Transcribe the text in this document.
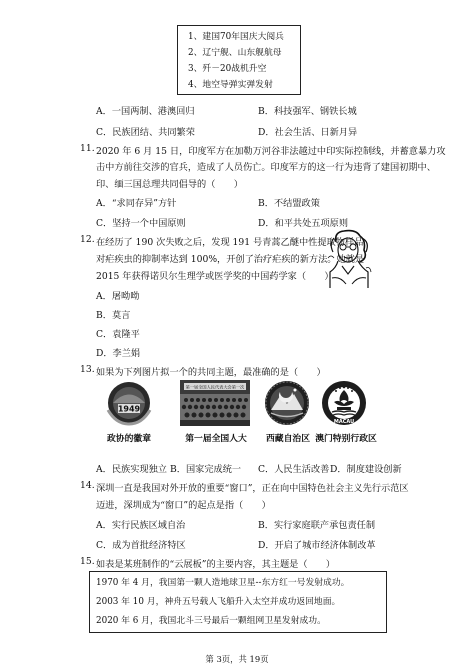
1、建国70年国庆大阅兵
2、辽宁舰、山东舰航母
3、歼－20战机升空
4、地空导弹实弹发射
A．一国两制、港澳回归	B．科技强军、钢铁长城
C．民族团结、共同繁荣	D．社会生活、日新月异
11. 2020 年 6 月 15 日，印度军方在加勒万河谷非法越过中印实际控制线，并蓄意暴力攻
击中方前往交涉的官兵，造成了人员伤亡。印度军方的这一行为违背了建国初期中、
印、缅三国总理共同倡导的（　　）
A．“求同存异”方针	B．不结盟政策
C．坚持一个中国原则	D．和平共处五项原则
12. 在经历了 190 次失败之后，发现 191 号青蒿乙醚中性提取物样品
对疟疾虫的抑制率达到 100%，开创了治疗疟疾的新方法。她就是
2015 年获得诺贝尔生理学或医学奖的中国药学家（　　）
A．屠呦呦
B．莫言
C．袁隆平
D．李兰娟
13. 如果为下列图片拟一个的共同主题，最准确的是（　　）
1949
政协的徽章
第一届全国人民代表大会第一次
第一届全国人大	西藏自治区
MACAU
澳门特别行政区
A．民族实现独立 B．国家完成统一 C．人民生活改善 D．制度建设创新
14. 深圳一直是我国对外开放的重要“窗口”，正在向中国特色社会主义先行示范区
迈进，深圳成为“窗口”的起点是指（　　）
A．实行民族区域自治	B．实行家庭联产承包责任制
C．成为首批经济特区	D．开启了城市经济体制改革
15. 如表是某班制作的“云展板”的主要内容，其主题是（　　）
1970 年 4 月，我国第一颗人造地球卫星--东方红一号发射成功。
2003 年 10 月，神舟五号载人飞船升入太空并成功返回地面。
2020 年 6 月，我国北斗三号最后一颗组网卫星发射成功。
第 3页，共 19页
